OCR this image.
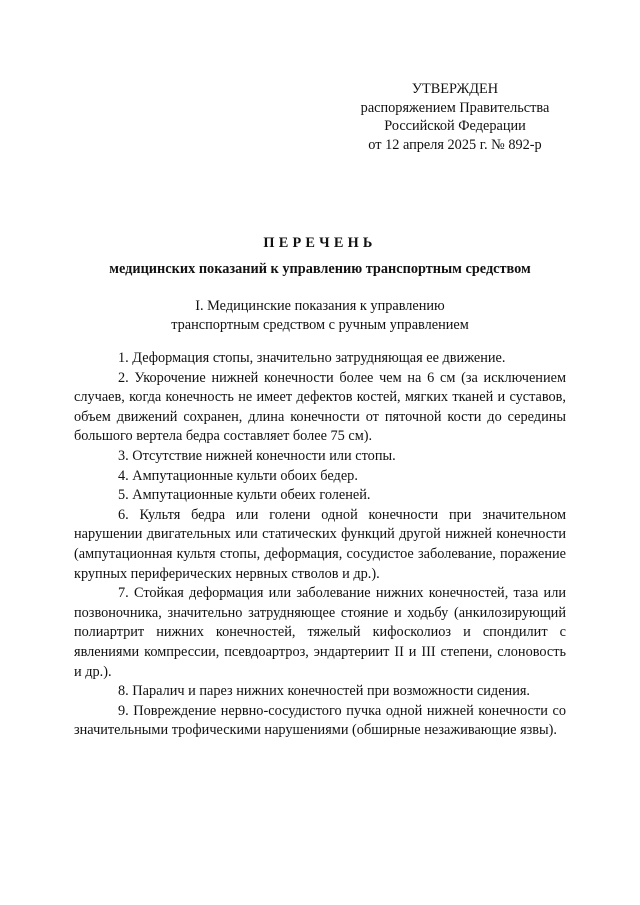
УТВЕРЖДЕН
распоряжением Правительства
Российской Федерации
от 12 апреля 2025 г. № 892-р
ПЕРЕЧЕНЬ
медицинских показаний к управлению транспортным средством
I. Медицинские показания к управлению
транспортным средством с ручным управлением

1. Деформация стопы, значительно затрудняющая ее движение.

2. Укорочение нижней конечности более чем на 6 см (за исключением случаев, когда конечность не имеет дефектов костей, мягких тканей и суставов, объем движений сохранен, длина конечности от пяточной кости до середины большого вертела бедра составляет более 75 см).

3. Отсутствие нижней конечности или стопы.

4. Ампутационные культи обоих бедер.

5. Ампутационные культи обеих голеней.

6. Культя бедра или голени одной конечности при значительном нарушении двигательных или статических функций другой нижней конечности (ампутационная культя стопы, деформация, сосудистое заболевание, поражение крупных периферических нервных стволов и др.).

7. Стойкая деформация или заболевание нижних конечностей, таза или позвоночника, значительно затрудняющее стояние и ходьбу (анкилозирующий полиартрит нижних конечностей, тяжелый кифосколиоз и спондилит с явлениями компрессии, псевдоартроз, эндартериит II и III степени, слоновость и др.).

8. Паралич и парез нижних конечностей при возможности сидения.

9. Повреждение нервно-сосудистого пучка одной нижней конечности со значительными трофическими нарушениями (обширные незаживающие язвы).
